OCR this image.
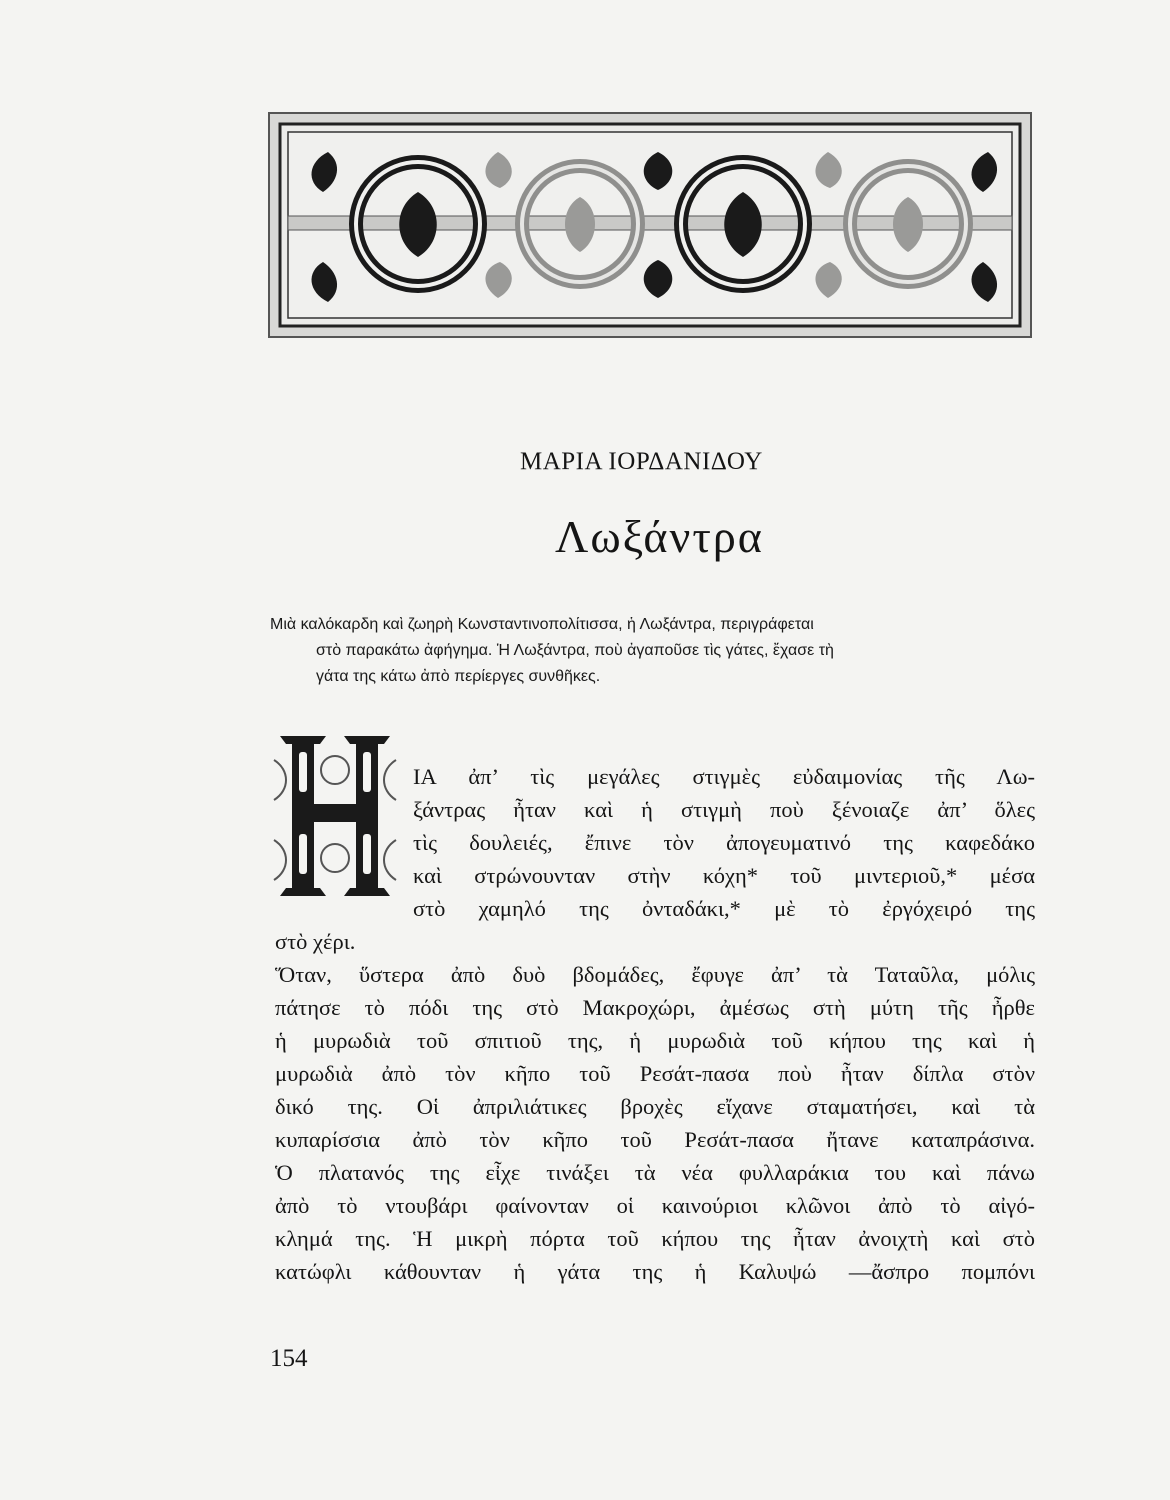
ΜΑΡΙΑ ΙΟΡΔΑΝΙΔΟΥ
Λωξάντρα
Μιὰ καλόκαρδη καὶ ζωηρὴ Κωνσταντινοπολίτισσα, ἡ Λωξάντρα, περιγράφεται
στὸ παρακάτω ἀφήγημα. Ἡ Λωξάντρα, ποὺ ἀγαποῦσε τὶς γάτες, ἔχασε τὴ
γάτα της κάτω ἀπὸ περίεργες συνθῆκες.
ΙΑ ἀπ’ τὶς μεγάλες στιγμὲς εὐδαιμονίας τῆς Λω-
ξάντρας ἦταν καὶ ἡ στιγμὴ ποὺ ξένοιαζε ἀπ’ ὅλες
τὶς δουλειές, ἔπινε τὸν ἀπογευματινό της καφεδάκο
καὶ στρώνουνταν στὴν κόχη* τοῦ μιντεριοῦ,* μέσα
στὸ χαμηλό της ὀνταδάκι,* μὲ τὸ ἐργόχειρό της
στὸ χέρι.
Ὅταν, ὕστερα ἀπὸ δυὸ βδομάδες, ἔφυγε ἀπ’ τὰ Ταταῦλα, μόλις
πάτησε τὸ πόδι της στὸ Μακροχώρι, ἀμέσως στὴ μύτη τῆς ἦρθε
ἡ μυρωδιὰ τοῦ σπιτιοῦ της, ἡ μυρωδιὰ τοῦ κήπου της καὶ ἡ
μυρωδιὰ ἀπὸ τὸν κῆπο τοῦ Ρεσάτ-πασα ποὺ ἦταν δίπλα στὸν
δικό της. Οἱ ἀπριλιάτικες βροχὲς εἴχανε σταματήσει, καὶ τὰ
κυπαρίσσια ἀπὸ τὸν κῆπο τοῦ Ρεσάτ-πασα ἤτανε καταπράσινα.
Ὁ πλατανός της εἶχε τινάξει τὰ νέα φυλλαράκια του καὶ πάνω
ἀπὸ τὸ ντουβάρι φαίνονταν οἱ καινούριοι κλῶνοι ἀπὸ τὸ αἰγό-
κλημά της. Ἡ μικρὴ πόρτα τοῦ κήπου της ἦταν ἀνοιχτὴ καὶ στὸ
κατώφλι κάθουνταν ἡ γάτα της ἡ Καλυψώ —ἄσπρο πομπόνι
154
